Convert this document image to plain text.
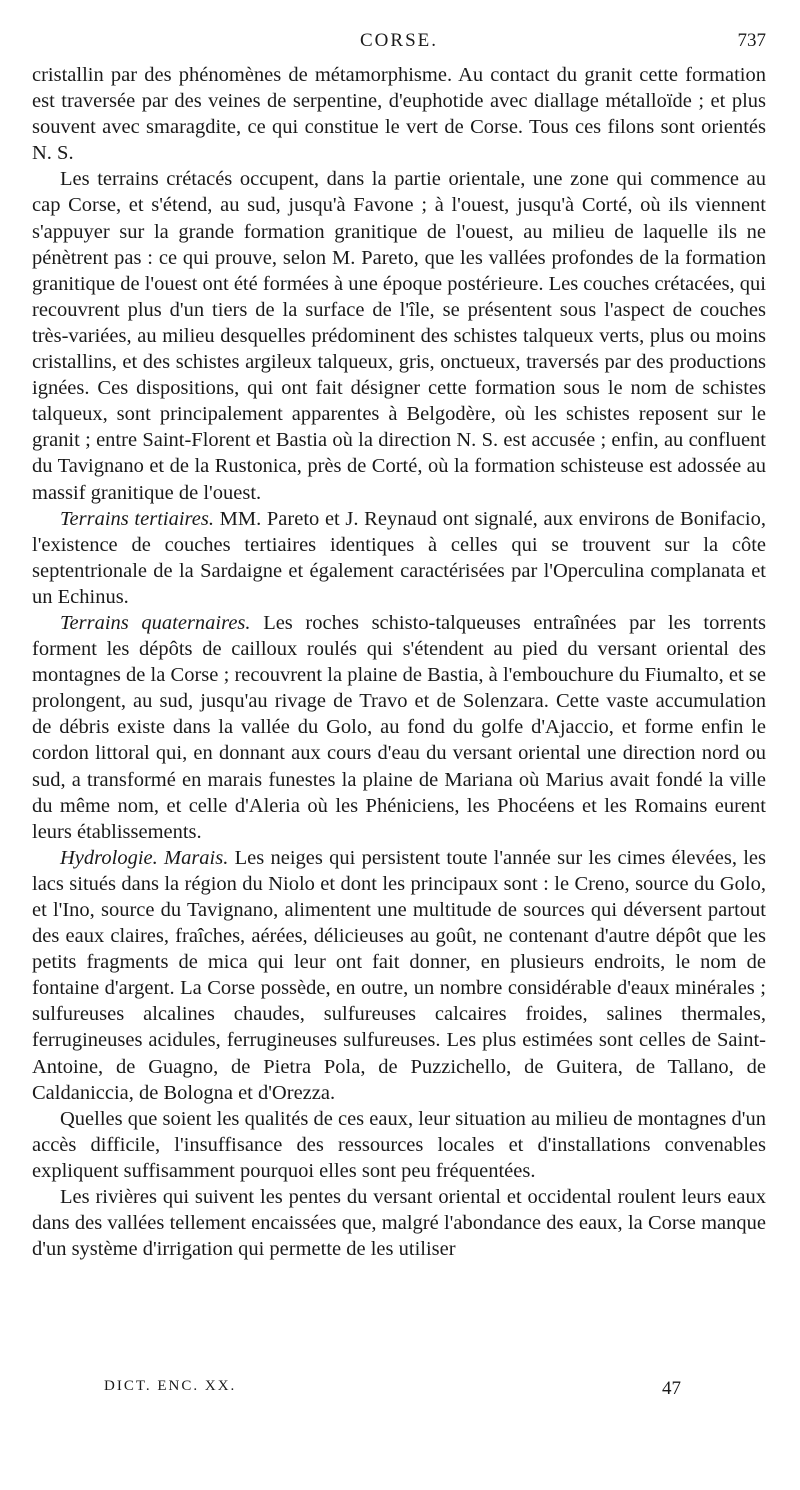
CORSE.	737

cristallin par des phénomènes de métamorphisme. Au contact du granit cette formation est traversée par des veines de serpentine, d'euphotide avec diallage métalloïde ; et plus souvent avec smaragdite, ce qui constitue le vert de Corse. Tous ces filons sont orientés N. S.

Les terrains crétacés occupent, dans la partie orientale, une zone qui commence au cap Corse, et s'étend, au sud, jusqu'à Favone ; à l'ouest, jusqu'à Corté, où ils viennent s'appuyer sur la grande formation granitique de l'ouest, au milieu de laquelle ils ne pénètrent pas : ce qui prouve, selon M. Pareto, que les vallées profondes de la formation granitique de l'ouest ont été formées à une époque postérieure. Les couches crétacées, qui recouvrent plus d'un tiers de la surface de l'île, se présentent sous l'aspect de couches très-variées, au milieu desquelles prédominent des schistes talqueux verts, plus ou moins cristallins, et des schistes argileux talqueux, gris, onctueux, traversés par des productions ignées. Ces dispositions, qui ont fait désigner cette formation sous le nom de schistes talqueux, sont principalement apparentes à Belgodère, où les schistes reposent sur le granit ; entre Saint-Florent et Bastia où la direction N. S. est accusée ; enfin, au confluent du Tavignano et de la Rustonica, près de Corté, où la formation schisteuse est adossée au massif granitique de l'ouest.

Terrains tertiaires. MM. Pareto et J. Reynaud ont signalé, aux environs de Bonifacio, l'existence de couches tertiaires identiques à celles qui se trouvent sur la côte septentrionale de la Sardaigne et également caractérisées par l'Operculina complanata et un Echinus.

Terrains quaternaires. Les roches schisto-talqueuses entraînées par les torrents forment les dépôts de cailloux roulés qui s'étendent au pied du versant oriental des montagnes de la Corse ; recouvrent la plaine de Bastia, à l'embouchure du Fiumalto, et se prolongent, au sud, jusqu'au rivage de Travo et de Solenzara. Cette vaste accumulation de débris existe dans la vallée du Golo, au fond du golfe d'Ajaccio, et forme enfin le cordon littoral qui, en donnant aux cours d'eau du versant oriental une direction nord ou sud, a transformé en marais funestes la plaine de Mariana où Marius avait fondé la ville du même nom, et celle d'Aleria où les Phéniciens, les Phocéens et les Romains eurent leurs établissements.

Hydrologie. Marais. Les neiges qui persistent toute l'année sur les cimes élevées, les lacs situés dans la région du Niolo et dont les principaux sont : le Creno, source du Golo, et l'Ino, source du Tavignano, alimentent une multitude de sources qui déversent partout des eaux claires, fraîches, aérées, délicieuses au goût, ne contenant d'autre dépôt que les petits fragments de mica qui leur ont fait donner, en plusieurs endroits, le nom de fontaine d'argent. La Corse possède, en outre, un nombre considérable d'eaux minérales ; sulfureuses alcalines chaudes, sulfureuses calcaires froides, salines thermales, ferrugineuses acidules, ferrugineuses sulfureuses. Les plus estimées sont celles de Saint-Antoine, de Guagno, de Pietra Pola, de Puzzichello, de Guitera, de Tallano, de Caldaniccia, de Bologna et d'Orezza.

Quelles que soient les qualités de ces eaux, leur situation au milieu de montagnes d'un accès difficile, l'insuffisance des ressources locales et d'installations convenables expliquent suffisamment pourquoi elles sont peu fréquentées.

Les rivières qui suivent les pentes du versant oriental et occidental roulent leurs eaux dans des vallées tellement encaissées que, malgré l'abondance des eaux, la Corse manque d'un système d'irrigation qui permette de les utiliser

DICT. ENC. XX.	47
